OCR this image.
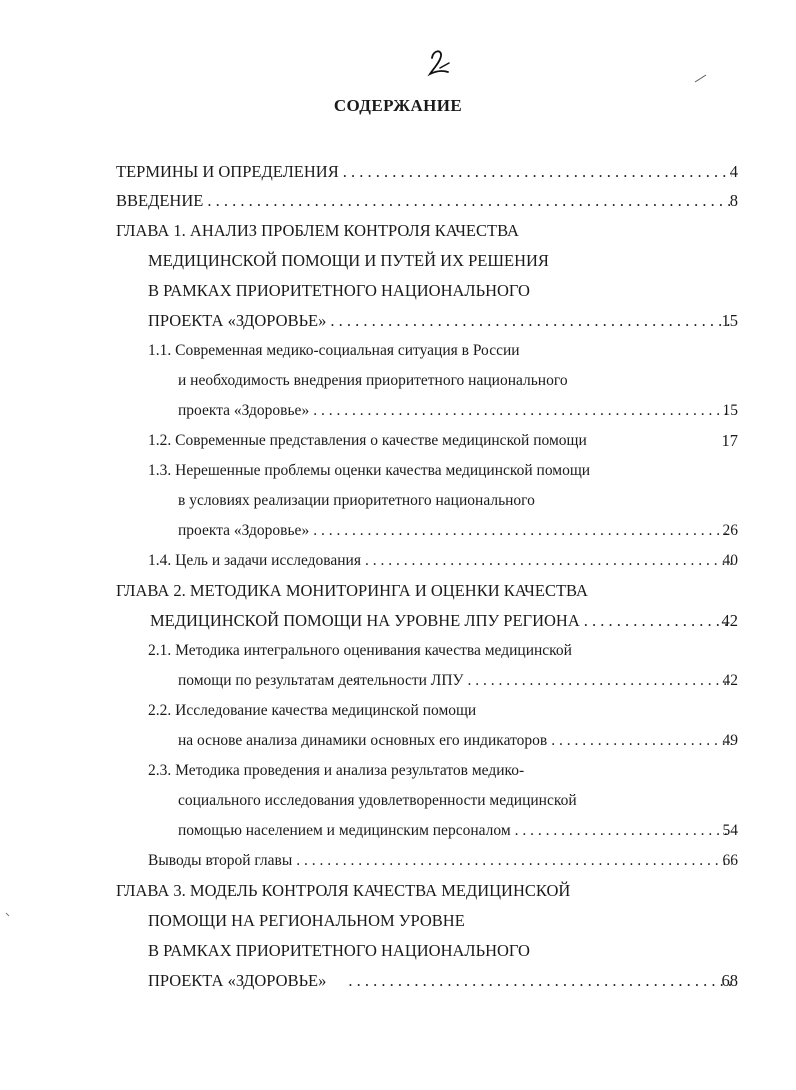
СОДЕРЖАНИЕ
ТЕРМИНЫ И ОПРЕДЕЛЕНИЯ . . .	4
ВВЕДЕНИЕ . . .	8
ГЛАВА 1. АНАЛИЗ ПРОБЛЕМ КОНТРОЛЯ КАЧЕСТВА
МЕДИЦИНСКОЙ ПОМОЩИ И ПУТЕЙ ИХ РЕШЕНИЯ
В РАМКАХ ПРИОРИТЕТНОГО НАЦИОНАЛЬНОГО
ПРОЕКТА «ЗДОРОВЬЕ» . . .	15
1.1. Современная медико-социальная ситуация в России
и необходимость внедрения приоритетного национального
проекта «Здоровье» . . .	15
1.2. Современные представления о качестве медицинской помощи	17
1.3. Нерешенные проблемы оценки качества медицинской помощи
в условиях реализации приоритетного национального
проекта «Здоровье» . . .	26
1.4. Цель и задачи исследования . . .	40
ГЛАВА 2. МЕТОДИКА МОНИТОРИНГА И ОЦЕНКИ КАЧЕСТВА
МЕДИЦИНСКОЙ ПОМОЩИ НА УРОВНЕ ЛПУ РЕГИОНА . . .	42
2.1. Методика интегрального оценивания качества медицинской
помощи по результатам деятельности ЛПУ . . .	42
2.2. Исследование качества медицинской помощи
на основе анализа динамики основных его индикаторов . . .	49
2.3. Методика проведения и анализа результатов медико-
социального исследования удовлетворенности медицинской
помощью населением и медицинским персоналом . . .	54
Выводы второй главы . . .	66
ГЛАВА 3. МОДЕЛЬ КОНТРОЛЯ КАЧЕСТВА МЕДИЦИНСКОЙ
ПОМОЩИ НА РЕГИОНАЛЬНОМ УРОВНЕ
В РАМКАХ ПРИОРИТЕТНОГО НАЦИОНАЛЬНОГО
ПРОЕКТА «ЗДОРОВЬЕ» . . .	68
